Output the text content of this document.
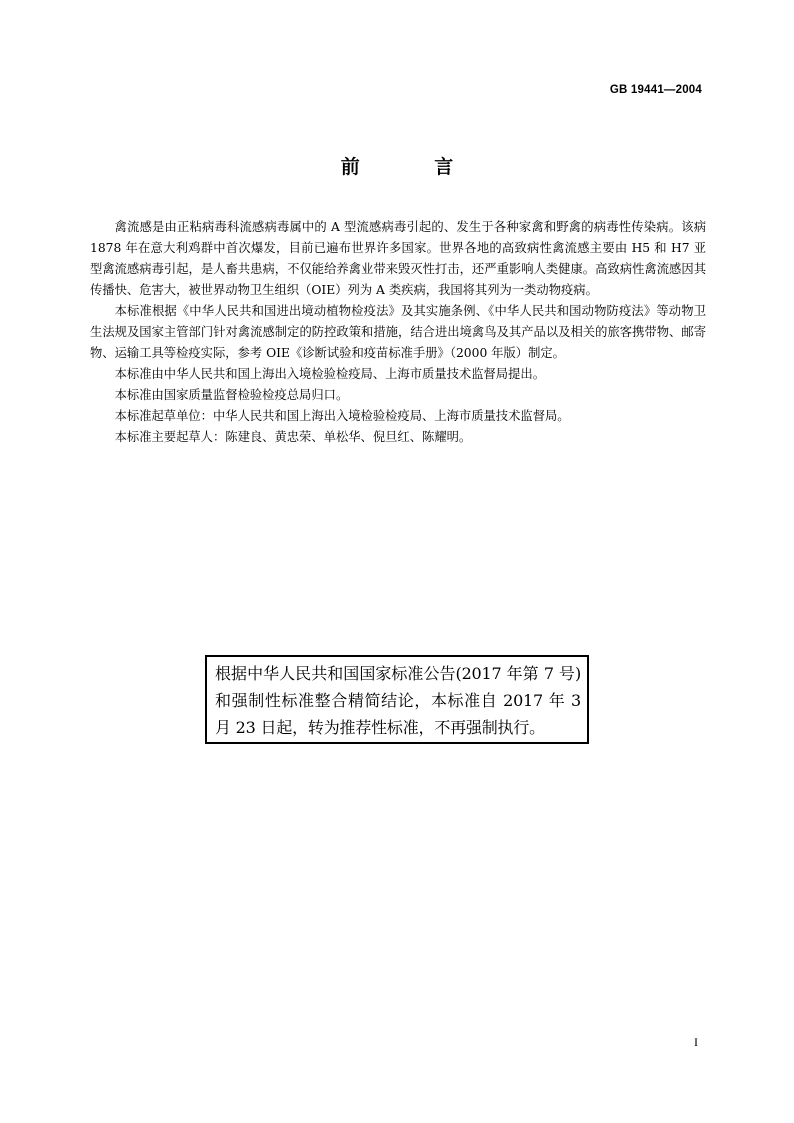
GB 19441—2004
前 言

禽流感是由正粘病毒科流感病毒属中的 A 型流感病毒引起的、发生于各种家禽和野禽的病毒性传染病。该病 1878 年在意大利鸡群中首次爆发，目前已遍布世界许多国家。世界各地的高致病性禽流感主要由 H5 和 H7 亚型禽流感病毒引起，是人畜共患病，不仅能给养禽业带来毁灭性打击，还严重影响人类健康。高致病性禽流感因其传播快、危害大，被世界动物卫生组织（OIE）列为 A 类疾病，我国将其列为一类动物疫病。

本标准根据《中华人民共和国进出境动植物检疫法》及其实施条例、《中华人民共和国动物防疫法》等动物卫生法规及国家主管部门针对禽流感制定的防控政策和措施，结合进出境禽鸟及其产品以及相关的旅客携带物、邮寄物、运输工具等检疫实际，参考 OIE《诊断试验和疫苗标准手册》（2000 年版）制定。

本标准由中华人民共和国上海出入境检验检疫局、上海市质量技术监督局提出。

本标准由国家质量监督检验检疫总局归口。

本标准起草单位：中华人民共和国上海出入境检验检疫局、上海市质量技术监督局。

本标准主要起草人：陈建良、黄忠荣、单松华、倪旦红、陈耀明。

根据中华人民共和国国家标准公告(2017 年第 7 号)和强制性标准整合精简结论，本标准自 2017 年 3 月 23 日起，转为推荐性标准，不再强制执行。
I
